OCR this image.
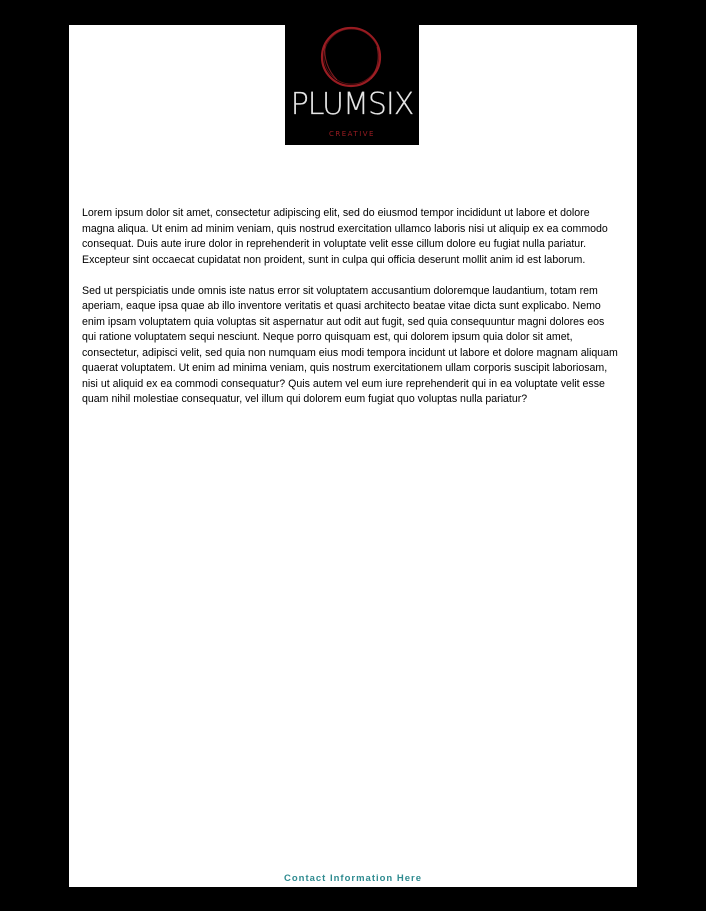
PLUMSIX
CREATIVE

Lorem ipsum dolor sit amet, consectetur adipiscing elit, sed do eiusmod tempor incididunt ut labore et dolore magna aliqua. Ut enim ad minim veniam, quis nostrud exercitation ullamco laboris nisi ut aliquip ex ea commodo consequat. Duis aute irure dolor in reprehenderit in voluptate velit esse cillum dolore eu fugiat nulla pariatur. Excepteur sint occaecat cupidatat non proident, sunt in culpa qui officia deserunt mollit anim id est laborum.

Sed ut perspiciatis unde omnis iste natus error sit voluptatem accusantium doloremque laudantium, totam rem aperiam, eaque ipsa quae ab illo inventore veritatis et quasi architecto beatae vitae dicta sunt explicabo. Nemo enim ipsam voluptatem quia voluptas sit aspernatur aut odit aut fugit, sed quia consequuntur magni dolores eos qui ratione voluptatem sequi nesciunt. Neque porro quisquam est, qui dolorem ipsum quia dolor sit amet, consectetur, adipisci velit, sed quia non numquam eius modi tempora incidunt ut labore et dolore magnam aliquam quaerat voluptatem. Ut enim ad minima veniam, quis nostrum exercitationem ullam corporis suscipit laboriosam, nisi ut aliquid ex ea commodi consequatur? Quis autem vel eum iure reprehenderit qui in ea voluptate velit esse quam nihil molestiae consequatur, vel illum qui dolorem eum fugiat quo voluptas nulla pariatur?

Contact Information Here
